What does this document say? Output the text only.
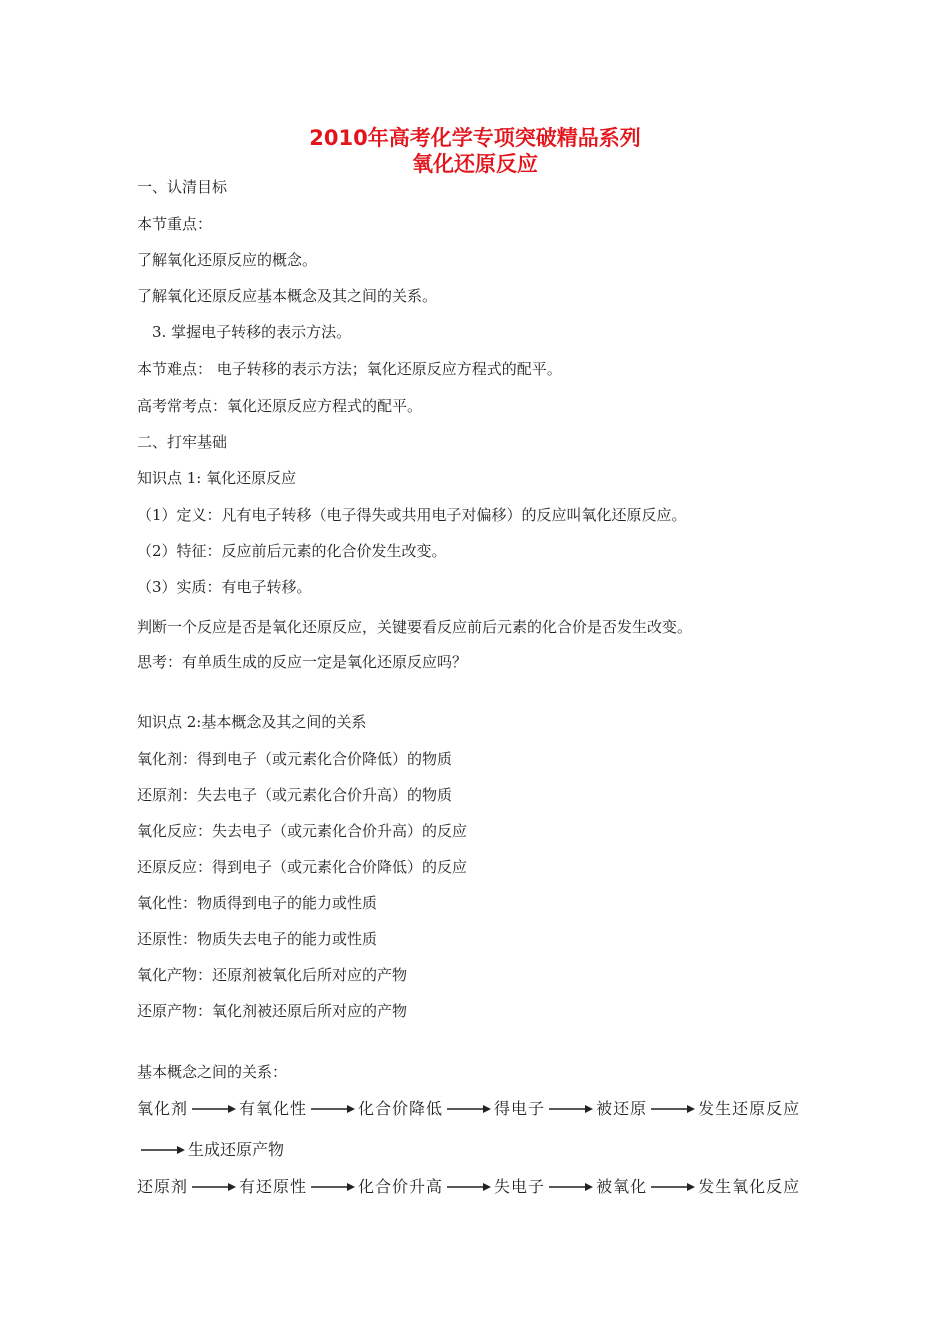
2010年高考化学专项突破精品系列
氧化还原反应
一、认清目标
本节重点：
了解氧化还原反应的概念。
了解氧化还原反应基本概念及其之间的关系。
3. 掌握电子转移的表示方法。
本节难点： 电子转移的表示方法；氧化还原反应方程式的配平。
高考常考点：氧化还原反应方程式的配平。
二、打牢基础
知识点 1: 氧化还原反应
（1）定义：凡有电子转移（电子得失或共用电子对偏移）的反应叫氧化还原反应。
（2）特征：反应前后元素的化合价发生改变。
（3）实质：有电子转移。
判断一个反应是否是氧化还原反应，关键要看反应前后元素的化合价是否发生改变。
思考：有单质生成的反应一定是氧化还原反应吗？
知识点 2:基本概念及其之间的关系
氧化剂：得到电子（或元素化合价降低）的物质
还原剂：失去电子（或元素化合价升高）的物质
氧化反应：失去电子（或元素化合价升高）的反应
还原反应：得到电子（或元素化合价降低）的反应
氧化性：物质得到电子的能力或性质
还原性：物质失去电子的能力或性质
氧化产物：还原剂被氧化后所对应的产物
还原产物：氧化剂被还原后所对应的产物
基本概念之间的关系：
氧化剂	有氧化性	化合价降低	得电子	被还原	发生还原反应
生成还原产物
还原剂	有还原性	化合价升高	失电子	被氧化	发生氧化反应
